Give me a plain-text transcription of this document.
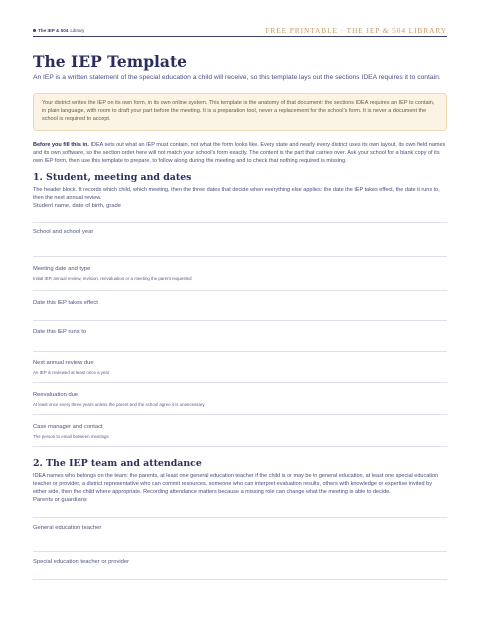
The IEP & 504 Library	FREE PRINTABLE · THE IEP & 504 LIBRARY
The IEP Template

An IEP is a written statement of the special education a child will receive, so this template lays out the sections IDEA requires it to contain.

Your district writes the IEP on its own form, in its own online system. This template is the anatomy of that document: the sections IDEA requires an IEP to contain, in plain language, with room to draft your part before the meeting. It is a preparation tool, never a replacement for the school’s form. It is never a document the school is required to accept.

Before you fill this in. IDEA sets out what an IEP must contain, not what the form looks like. Every state and nearly every district uses its own layout, its own field names and its own software, so the section order here will not match your school’s form exactly. The content is the part that carries over. Ask your school for a blank copy of its own IEP form, then use this template to prepare, to follow along during the meeting and to check that nothing required is missing.

1. Student, meeting and dates

The header block. It records which child, which meeting, then the three dates that decide when everything else applies: the date the IEP takes effect, the date it runs to, then the next annual review.

Student name, date of birth, grade
School and school year
Meeting date and type
Initial IEP, annual review, revision, reevaluation or a meeting the parent requested
Date this IEP takes effect
Date this IEP runs to
Next annual review due
An IEP is reviewed at least once a year
Reevaluation due
At least once every three years unless the parent and the school agree it is unnecessary
Case manager and contact
The person to email between meetings
2. The IEP team and attendance

IDEA names who belongs on the team: the parents, at least one general education teacher if the child is or may be in general education, at least one special education teacher or provider, a district representative who can commit resources, someone who can interpret evaluation results, others with knowledge or expertise invited by either side, then the child where appropriate. Recording attendance matters because a missing role can change what the meeting is able to decide.

Parents or guardians
General education teacher
Special education teacher or provider
